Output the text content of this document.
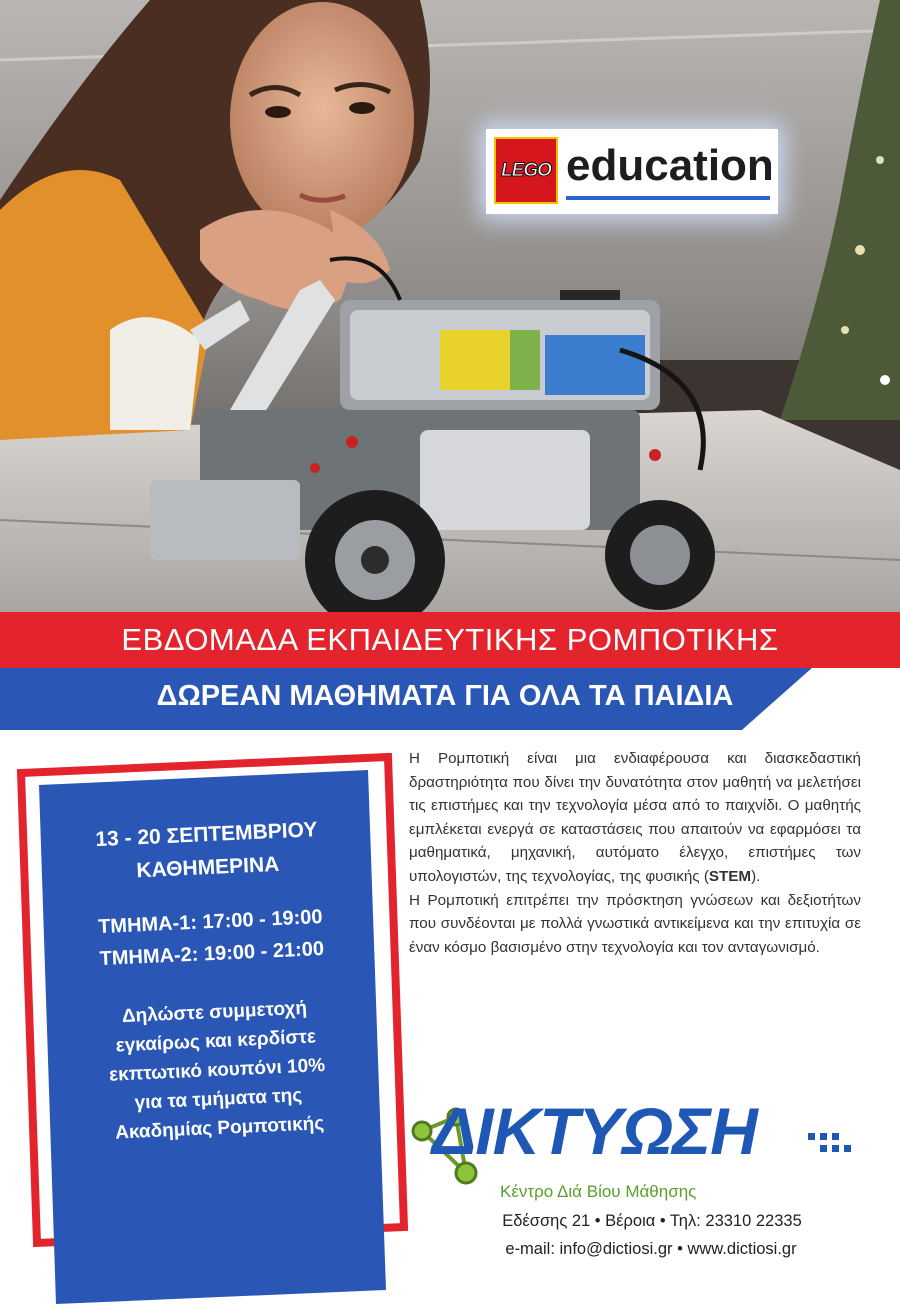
LEGO education
ΕΒΔΟΜΑΔΑ ΕΚΠΑΙΔΕΥΤΙΚΗΣ ΡΟΜΠΟΤΙΚΗΣ
ΔΩΡΕΑΝ ΜΑΘΗΜΑΤΑ ΓΙΑ ΟΛΑ ΤΑ ΠΑΙΔΙΑ
13 - 20 ΣΕΠΤΕΜΒΡΙΟΥ
ΚΑΘΗΜΕΡΙΝΑ
ΤΜΗΜΑ-1: 17:00 - 19:00
ΤΜΗΜΑ-2: 19:00 - 21:00
Δηλώστε συμμετοχή
εγκαίρως και κερδίστε
εκπτωτικό κουπόνι 10%
για τα τμήματα της
Ακαδημίας Ρομποτικής

Η Ρομποτική είναι μια ενδιαφέρουσα και διασκεδαστική δραστηριότητα που δίνει την δυνατότητα στον μαθητή να μελετήσει τις επιστήμες και την τεχνολογία μέσα από το παιχνίδι. Ο μαθητής εμπλέκεται ενεργά σε καταστάσεις που απαιτούν να εφαρμόσει τα μαθηματικά, μηχανική, αυτόματο έλεγχο, επιστήμες των υπολογιστών, της τεχνολογίας, της φυσικής (STEM).

Η Ρομποτική επιτρέπει την πρόσκτηση γνώσεων και δεξιοτήτων που συνδέονται με πολλά γνωστικά αντικείμενα και την επιτυχία σε έναν κόσμο βασισμένο στην τεχνολογία και τον ανταγωνισμό.

ΔΙΚΤΥΩΣΗ
Κέντρο Διά Βίου Μάθησης
Εδέσσης 21 • Βέροια • Τηλ: 23310 22335
e-mail: info@dictiosi.gr • www.dictiosi.gr
